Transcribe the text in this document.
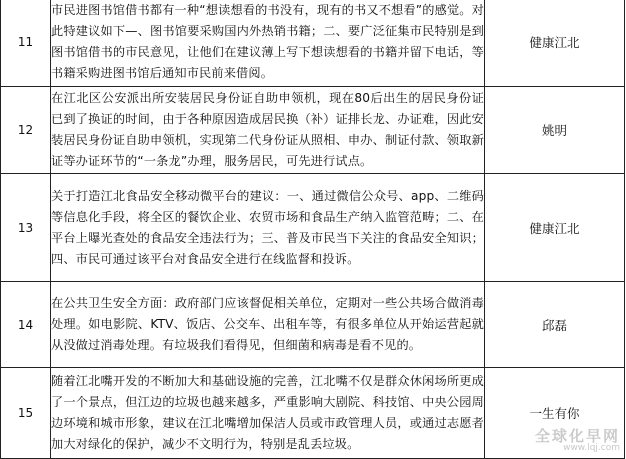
11	市民进图书馆借书都有一种“想读想看的书没有，现有的书又不想看”的感觉。对此特建议如下—、图书馆要采购国内外热销书籍；二、要广泛征集市民特别是到图书馆借书的市民意见，让他们在建议薄上写下想读想看的书籍并留下电话，等书籍采购进图书馆后通知市民前来借阅。	健康江北
12	在江北区公安派出所安装居民身份证自助申领机，现在80后出生的居民身份证已到了换证的时间，由于各种原因造成居民换（补）证排长龙、办证难，因此安装居民身份证自助申领机，实现第二代身份证从照相、申办、制证付款、领取新证等办证环节的“一条龙”办理，服务居民，可先进行试点。	姚明
13	关于打造江北食品安全移动微平台的建议：一、通过微信公众号、app、二维码等信息化手段，将全区的餐饮企业、农贸市场和食品生产纳入监管范畴；二、在平台上曝光查处的食品安全违法行为；三、普及市民当下关注的食品安全知识；四、市民可通过该平台对食品安全进行在线监督和投诉。	健康江北
14	在公共卫生安全方面：政府部门应该督促相关单位，定期对一些公共场合做消毒处理。如电影院、KTV、饭店、公交车、出租车等，有很多单位从开始运营起就从没做过消毒处理。有垃圾我们看得见，但细菌和病毒是看不见的。	邱磊
15	随着江北嘴开发的不断加大和基础设施的完善，江北嘴不仅是群众休闲场所更成了一个景点，但江边的垃圾也越来越多，严重影响大剧院、科技馆、中央公园周边环境和城市形象，建议在江北嘴增加保洁人员或市政管理人员，或通过志愿者加大对绿化的保护，减少不文明行为，特别是乱丢垃圾。	一生有你
全球化早网
www.lqj.com
